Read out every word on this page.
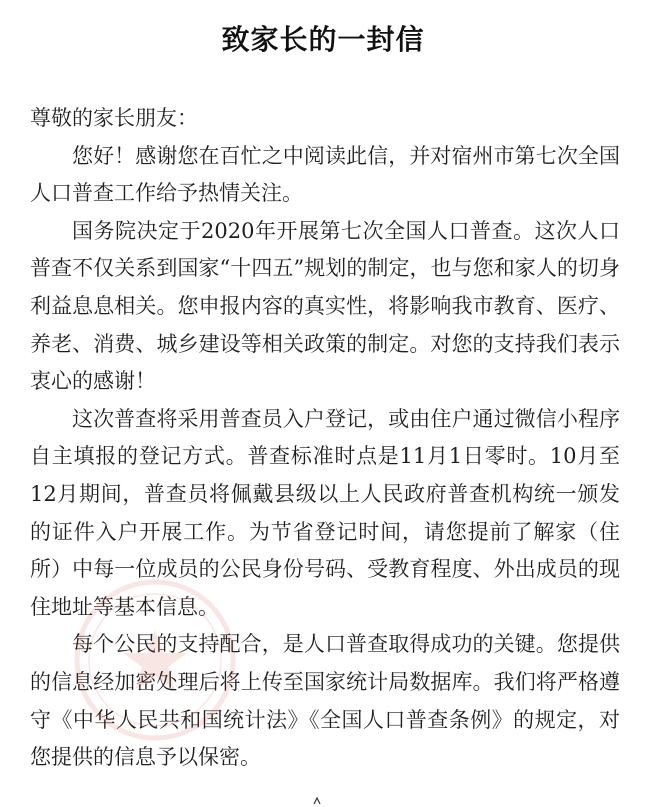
致家长的一封信

尊敬的家长朋友：

您好！感谢您在百忙之中阅读此信，并对宿州市第七次全国人口普查工作给予热情关注。

国务院决定于2020年开展第七次全国人口普查。这次人口普查不仅关系到国家“十四五”规划的制定，也与您和家人的切身利益息息相关。您申报内容的真实性，将影响我市教育、医疗、养老、消费、城乡建设等相关政策的制定。对您的支持我们表示衷心的感谢！

这次普查将采用普查员入户登记，或由住户通过微信小程序自主填报的登记方式。普查标准时点是11月1日零时。10月至12月期间，普查员将佩戴县级以上人民政府普查机构统一颁发的证件入户开展工作。为节省登记时间，请您提前了解家（住所）中每一位成员的公民身份号码、受教育程度、外出成员的现住地址等基本信息。

每个公民的支持配合，是人口普查取得成功的关键。您提供的信息经加密处理后将上传至国家统计局数据库。我们将严格遵守《中华人民共和国统计法》《全国人口普查条例》的规定，对您提供的信息予以保密。
